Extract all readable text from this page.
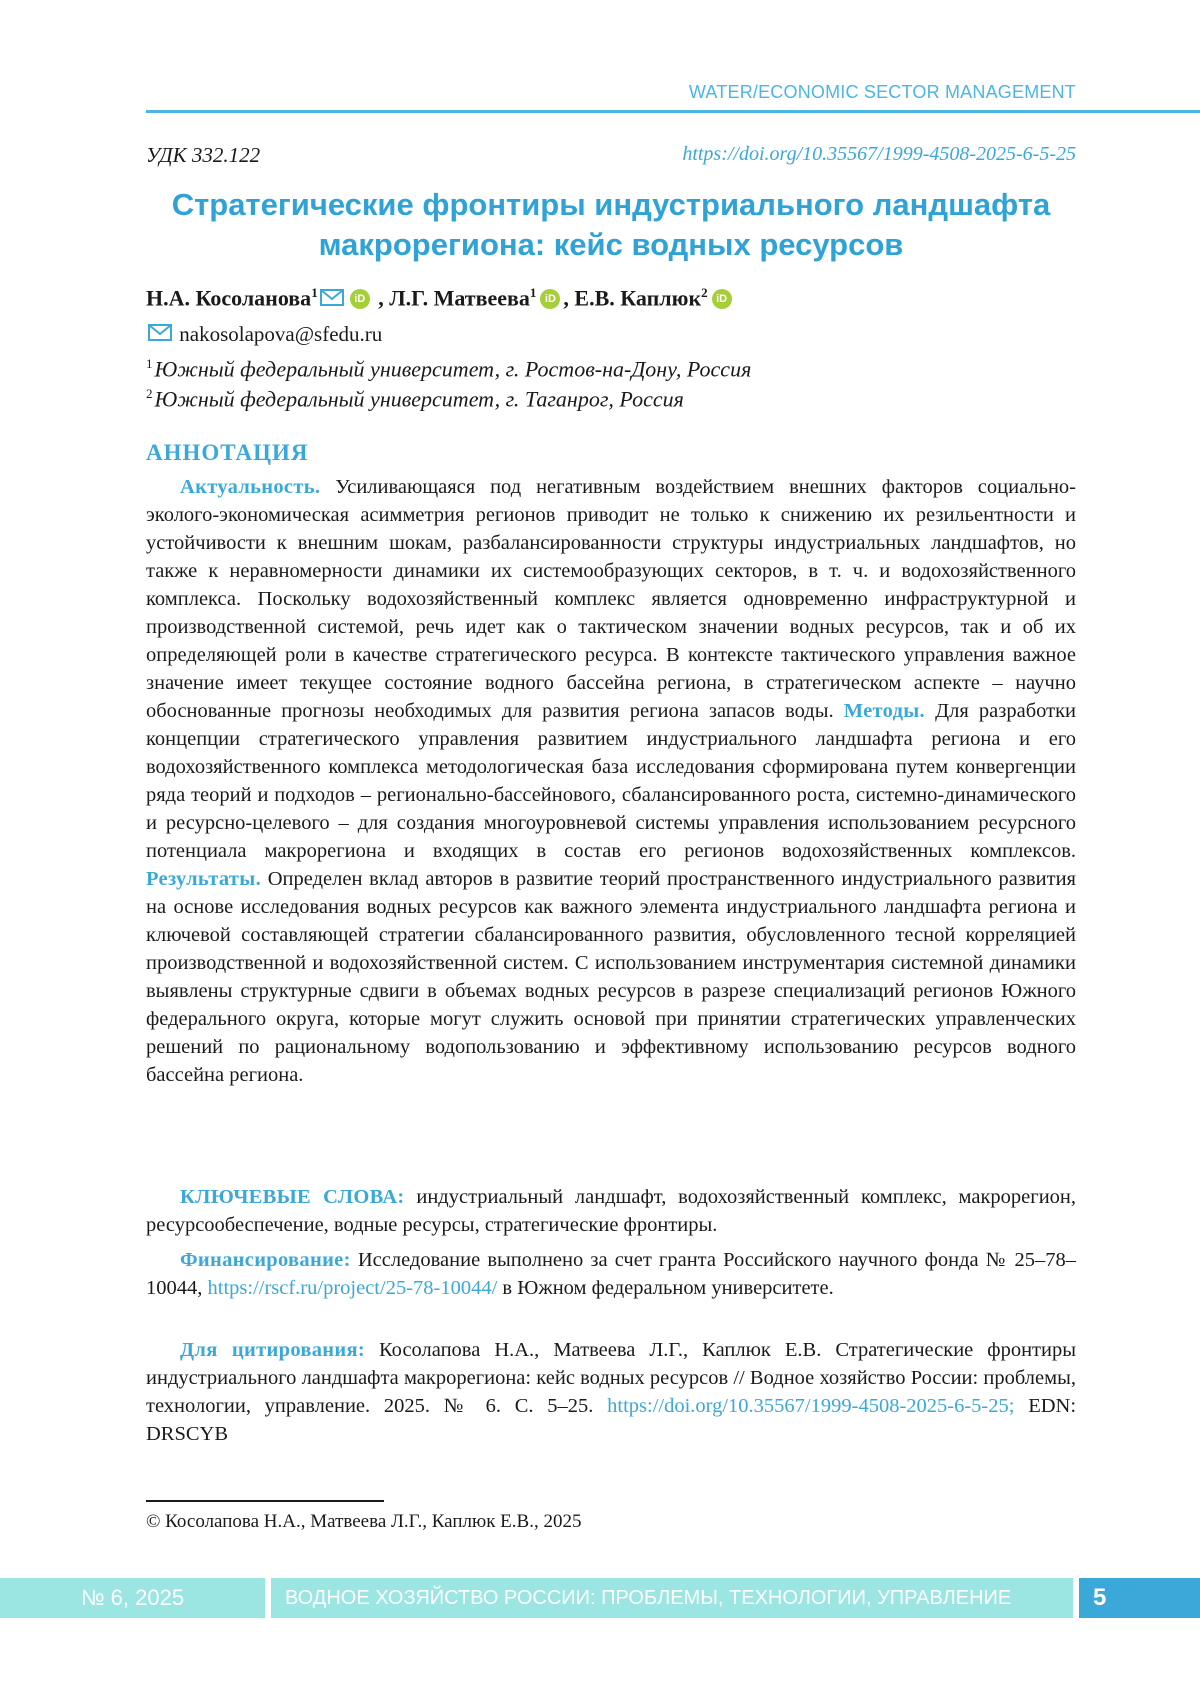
WATER/ECONOMIC SECTOR MANAGEMENT
УДК 332.122	https://doi.org/10.35567/1999-4508-2025-6-5-25
Стратегические фронтиры индустриального ландшафта
макрорегиона: кейс водных ресурсов
Н.А. Косоланова$^1$	iD , Л.Г. Матвеева$^1$ iD , Е.В. Каплюк$^2$ iD
nakosolapova@sfedu.ru
$^1$Южный федеральный университет, г. Ростов-на-Дону, Россия
$^2$Южный федеральный университет, г. Таганрог, Россия
АННОТАЦИЯ
Актуальность. Усиливающаяся под негативным воздействием внешних факторов социально-эколого-экономическая асимметрия регионов приводит не только к снижению их резильентности и устойчивости к внешним шокам, разбалансированности структуры индустриальных ландшафтов, но также к неравномерности динамики их системообразующих секторов, в т. ч. и водохозяйственного комплекса. Поскольку водохозяйственный комплекс является одновременно инфраструктурной и производственной системой, речь идет как о тактическом значении водных ресурсов, так и об их определяющей роли в качестве стратегического ресурса. В контексте тактического управления важное значение имеет текущее состояние водного бассейна региона, в стратегическом аспекте – научно обоснованные прогнозы необходимых для развития региона запасов воды. Методы. Для разработки концепции стратегического управления развитием индустриального ландшафта региона и его водохозяйственного комплекса методологическая база исследования сформирована путем конвергенции ряда теорий и подходов – регионально-бассейнового, сбалансированного роста, системно-динамического и ресурсно-целевого – для создания многоуровневой системы управления использованием ресурсного потенциала макрорегиона и входящих в состав его регионов водохозяйственных комплексов. Результаты. Определен вклад авторов в развитие теорий пространственного индустриального развития на основе исследования водных ресурсов как важного элемента индустриального ландшафта региона и ключевой составляющей стратегии сбалансированного развития, обусловленного тесной корреляцией производственной и водохозяйственной систем. С использованием инструментария системной динамики выявлены структурные сдвиги в объемах водных ресурсов в разрезе специализаций регионов Южного федерального округа, которые могут служить основой при принятии стратегических управленческих решений по рациональному водопользованию и эффективному использованию ресурсов водного бассейна региона.
КЛЮЧЕВЫЕ СЛОВА: индустриальный ландшафт, водохозяйственный комплекс, макрорегион, ресурсообеспечение, водные ресурсы, стратегические фронтиры.
Финансирование: Исследование выполнено за счет гранта Российского научного фонда № 25–78–10044, https://rscf.ru/project/25-78-10044/ в Южном федеральном университете.
Для цитирования: Косолапова Н.А., Матвеева Л.Г., Каплюк Е.В. Стратегические фронтиры индустриального ландшафта макрорегиона: кейс водных ресурсов // Водное хозяйство России: проблемы, технологии, управление. 2025. № 6. С. 5–25. https://doi.org/10.35567/1999-4508-2025-6-5-25; EDN: DRSCYB
© Косолапова Н.А., Матвеева Л.Г., Каплюк Е.В., 2025
№ 6, 2025	ВОДНОЕ ХОЗЯЙСТВО РОССИИ: ПРОБЛЕМЫ, ТЕХНОЛОГИИ, УПРАВЛЕНИЕ	5
